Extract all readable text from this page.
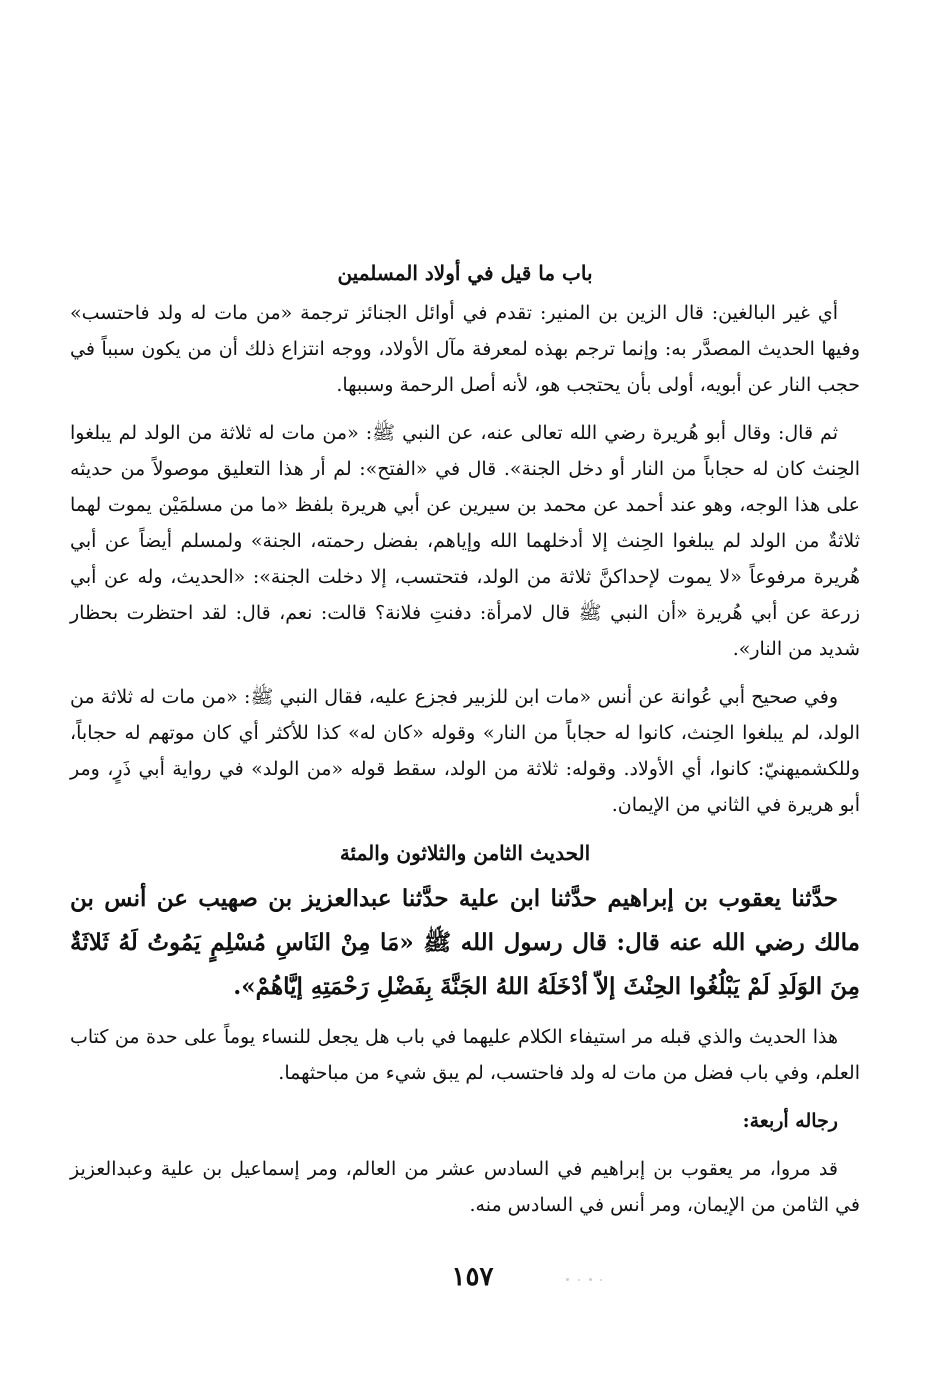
باب ما قيل في أولاد المسلمين

أي غير البالغين: قال الزين بن المنير: تقدم في أوائل الجنائز ترجمة «من مات له ولد فاحتسب» وفيها الحديث المصدَّر به: وإنما ترجم بهذه لمعرفة مآل الأولاد، ووجه انتزاع ذلك أن من يكون سبباً في حجب النار عن أبويه، أولى بأن يحتجب هو، لأنه أصل الرحمة وسببها.

ثم قال: وقال أبو هُريرة رضي الله تعالى عنه، عن النبي ﷺ: «من مات له ثلاثة من الولد لم يبلغوا الحِنث كان له حجاباً من النار أو دخل الجنة». قال في «الفتح»: لم أر هذا التعليق موصولاً من حديثه على هذا الوجه، وهو عند أحمد عن محمد بن سيرين عن أبي هريرة بلفظ «ما من مسلمَيْن يموت لهما ثلاثةٌ من الولد لم يبلغوا الحِنث إلا أدخلهما الله وإياهم، بفضل رحمته، الجنة» ولمسلم أيضاً عن أبي هُريرة مرفوعاً «لا يموت لإحداكنَّ ثلاثة من الولد، فتحتسب، إلا دخلت الجنة»: «الحديث، وله عن أبي زرعة عن أبي هُريرة «أن النبي ﷺ قال لامرأة: دفنتِ فلانة؟ قالت: نعم، قال: لقد احتظرت بحظار شديد من النار».

وفي صحيح أبي عُوانة عن أنس «مات ابن للزبير فجزع عليه، فقال النبي ﷺ: «من مات له ثلاثة من الولد، لم يبلغوا الحِنث، كانوا له حجاباً من النار» وقوله «كان له» كذا للأكثر أي كان موتهم له حجاباً، وللكشميهنيّ: كانوا، أي الأولاد. وقوله: ثلاثة من الولد، سقط قوله «من الولد» في رواية أبي ذَرٍ، ومر أبو هريرة في الثاني من الإيمان.

الحديث الثامن والثلاثون والمئة

حدَّثنا يعقوب بن إبراهيم حدَّثنا ابن علية حدَّثنا عبدالعزيز بن صهيب عن أنس بن مالك رضي الله عنه قال: قال رسول الله ﷺ «مَا مِنْ النَاسِ مُسْلِمٍ يَمُوتُ لَهُ ثَلاثَةٌ مِنَ الوَلَدِ لَمْ يَبْلُغُوا الحِنْثَ إلاّ أدْخَلَهُ اللهُ الجَنَّةَ بِفَضْلِ رَحْمَتِهِ إيَّاهُمْ».

هذا الحديث والذي قبله مر استيفاء الكلام عليهما في باب هل يجعل للنساء يوماً على حدة من كتاب العلم، وفي باب فضل من مات له ولد فاحتسب، لم يبق شيء من مباحثهما.

رجاله أربعة:

قد مروا، مر يعقوب بن إبراهيم في السادس عشر من العالم، ومر إسماعيل بن علية وعبدالعزيز في الثامن من الإيمان، ومر أنس في السادس منه.

١٥٧
